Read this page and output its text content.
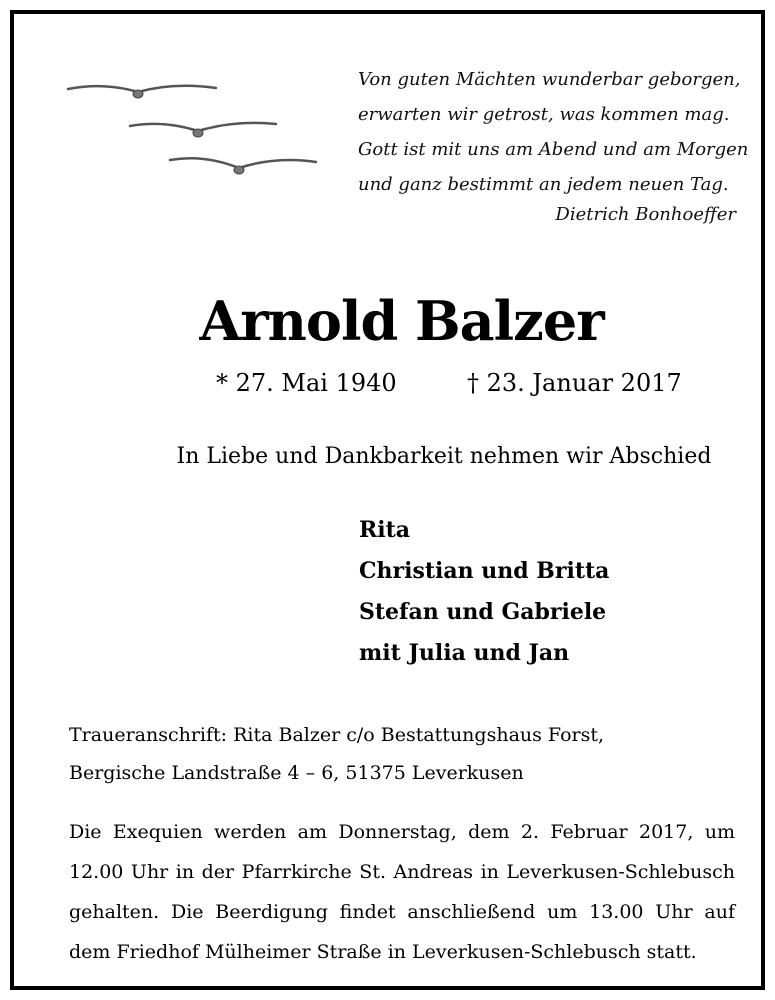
Von guten Mächten wunderbar geborgen,
erwarten wir getrost, was kommen mag.
Gott ist mit uns am Abend und am Morgen
und ganz bestimmt an jedem neuen Tag.
Dietrich Bonhoeffer
Arnold Balzer
* 27. Mai 1940	† 23. Januar 2017
In Liebe und Dankbarkeit nehmen wir Abschied
Rita
Christian und Britta
Stefan und Gabriele
mit Julia und Jan
Traueranschrift: Rita Balzer c/o Bestattungshaus Forst,
Bergische Landstraße 4 – 6, 51375 Leverkusen
Die Exequien werden am Donnerstag, dem 2. Februar 2017, um
12.00 Uhr in der Pfarrkirche St. Andreas in Leverkusen-Schlebusch
gehalten. Die Beerdigung findet anschließend um 13.00 Uhr auf
dem Friedhof Mülheimer Straße in Leverkusen-Schlebusch statt.
